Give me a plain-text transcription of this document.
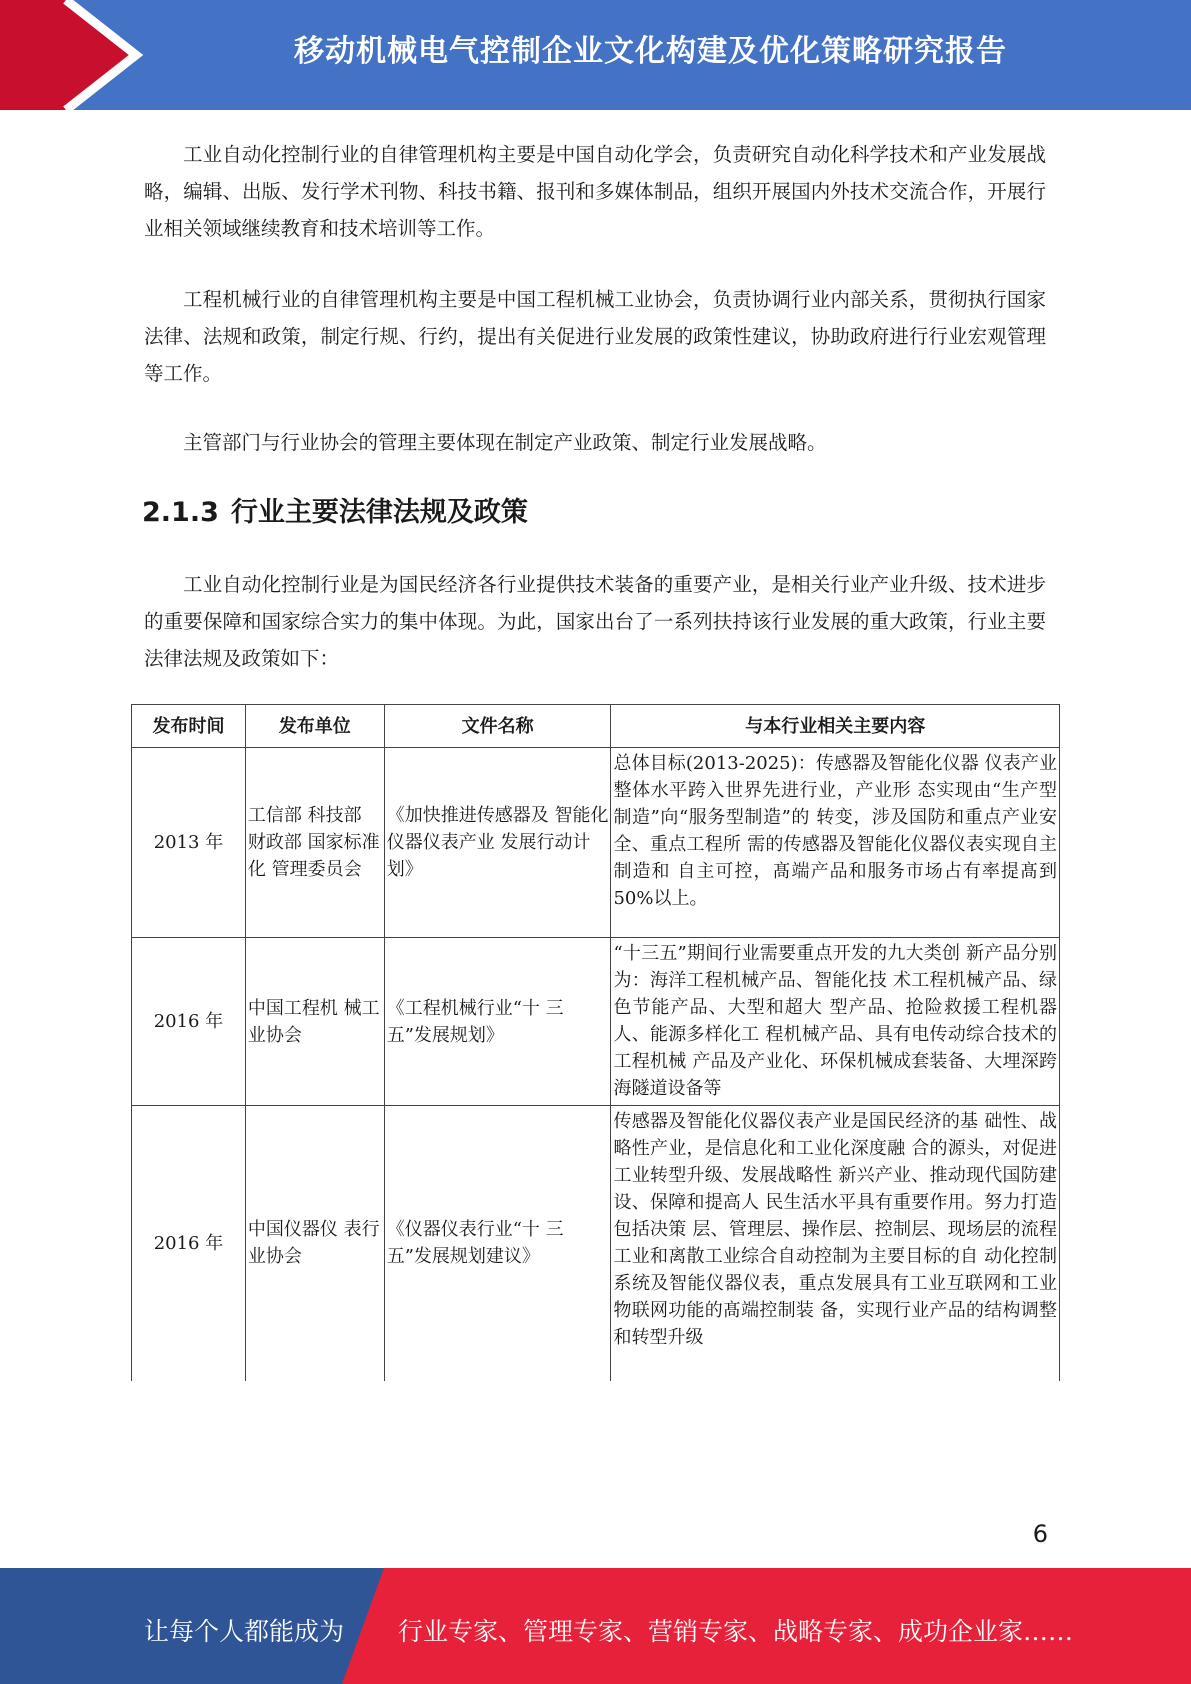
移动机械电气控制企业文化构建及优化策略研究报告

工业自动化控制行业的自律管理机构主要是中国自动化学会，负责研究自动化科学技术和产业发展战略，编辑、出版、发行学术刊物、科技书籍、报刊和多媒体制品，组织开展国内外技术交流合作，开展行业相关领域继续教育和技术培训等工作。

工程机械行业的自律管理机构主要是中国工程机械工业协会，负责协调行业内部关系，贯彻执行国家法律、法规和政策，制定行规、行约，提出有关促进行业发展的政策性建议，协助政府进行行业宏观管理等工作。

主管部门与行业协会的管理主要体现在制定产业政策、制定行业发展战略。

2.1.3 行业主要法律法规及政策

工业自动化控制行业是为国民经济各行业提供技术装备的重要产业，是相关行业产业升级、技术进步的重要保障和国家综合实力的集中体现。为此，国家出台了一系列扶持该行业发展的重大政策，行业主要法律法规及政策如下：

发布时间	发布单位	文件名称	与本行业相关主要内容
2013 年	工信部 科技部 财政部 国家标准化 管理委员会	《加快推进传感器及 智能化仪器仪表产业 发展行动计划》	总体目标(2013-2025)：传感器及智能化仪器 仪表产业整体水平跨入世界先进行业，产业形 态实现由“生产型制造”向“服务型制造”的 转变，涉及国防和重点产业安全、重点工程所 需的传感器及智能化仪器仪表实现自主制造和 自主可控，髙端产品和服务市场占有率提髙到 50%以上。
2016 年	中国工程机 械工业协会	《工程机械行业“十 三五”发展规划》	“十三五”期间行业需要重点开发的九大类创 新产品分别为：海洋工程机械产品、智能化技 术工程机械产品、绿色节能产品、大型和超大 型产品、抢险救援工程机器人、能源多样化工 程机械产品、具有电传动综合技术的工程机械 产品及产业化、环保机械成套装备、大埋深跨海隧道设备等
2016 年	中国仪器仪 表行业协会	《仪器仪表行业“十 三五”发展规划建议》	传感器及智能化仪器仪表产业是国民经济的基 础性、战略性产业，是信息化和工业化深度融 合的源头，对促进工业转型升级、发展战略性 新兴产业、推动现代国防建设、保障和提高人 民生活水平具有重要作用。努力打造包括决策 层、管理层、操作层、控制层、现场层的流程 工业和离散工业综合自动控制为主要目标的自 动化控制系统及智能仪器仪表，重点发展具有工业互联网和工业物联网功能的髙端控制装 备，实现行业产品的结构调整和转型升级
6
让每个人都能成为 行业专家、管理专家、营销专家、战略专家、成功企业家……
